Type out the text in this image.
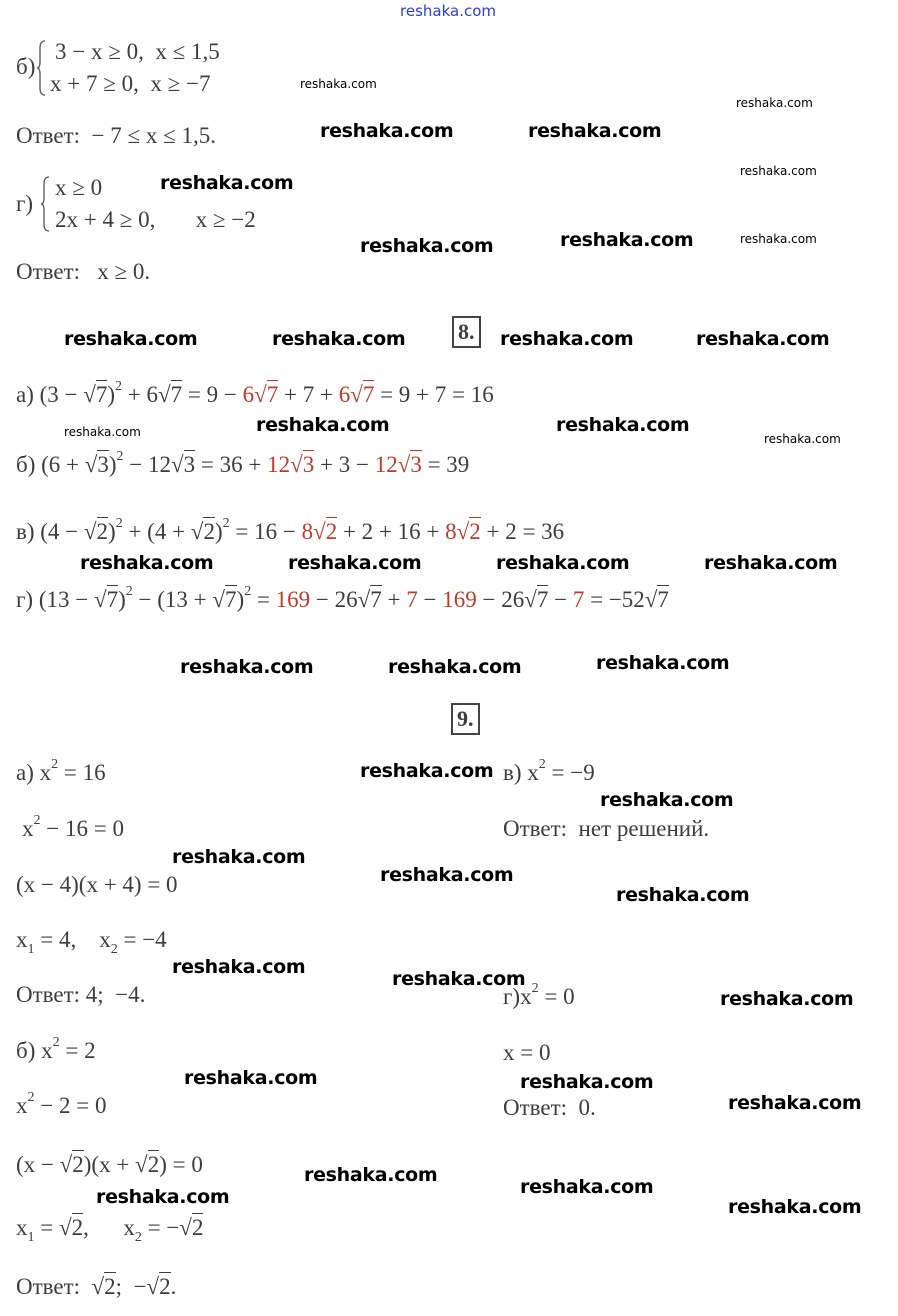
8.
9.
б)
3 − x ≥ 0,  x ≤ 1,5
x + 7 ≥ 0,  x ≥ −7
Ответ:  − 7 ≤ x ≤ 1,5.
г)
x ≥ 0
2x + 4 ≥ 0,       x ≥ −2
Ответ:   x ≥ 0.
а) $(3 - √7)^2 + 6√7 = 9 - 6√7 + 7 + 6√7 = 9 + 7 = 16$
б) $(6 + √3)^2 - 12√3 = 36 + 12√3 + 3 - 12√3 = 39$
в) $(4 - √2)^2 + (4 + √2)^2 = 16 - 8√2 + 2 + 16 + 8√2 + 2 = 36$
г) $(13 - √7)^2 - (13 + √7)^2 = 169 - 26√7 + 7 - 169 - 26√7 - 7 = -52√7$
а) $x^2 = 16$
$x^2 - 16 = 0$
(x − 4)(x + 4) = 0
$x_1 = 4$,    $x_2 = -4$
Ответ: 4;  −4.
б) $x^2 = 2$
$x^2 - 2 = 0$
(x − √2)(x + √2) = 0
$x_1 = √2$,      $x_2 = -√2$
Ответ:  √2;  −√2.
в) $x^2 = -9$
Ответ:  нет решений.
$г)x^2 = 0$
x = 0
Ответ:  0.
reshaka.com
reshaka.com
reshaka.com
reshaka.com
reshaka.com
reshaka.com	reshaka.com
reshaka.com	reshaka.com
reshaka.com
reshaka.com	reshaka.com
reshaka.com	reshaka.com	reshaka.com	reshaka.com
reshaka.com	reshaka.com
reshaka.com	reshaka.com	reshaka.com	reshaka.com
reshaka.com	reshaka.com	reshaka.com
reshaka.com
reshaka.com
reshaka.com
reshaka.com
reshaka.com
reshaka.com
reshaka.com
reshaka.com
reshaka.com	reshaka.com
reshaka.com
reshaka.com
reshaka.com	reshaka.com
reshaka.com
